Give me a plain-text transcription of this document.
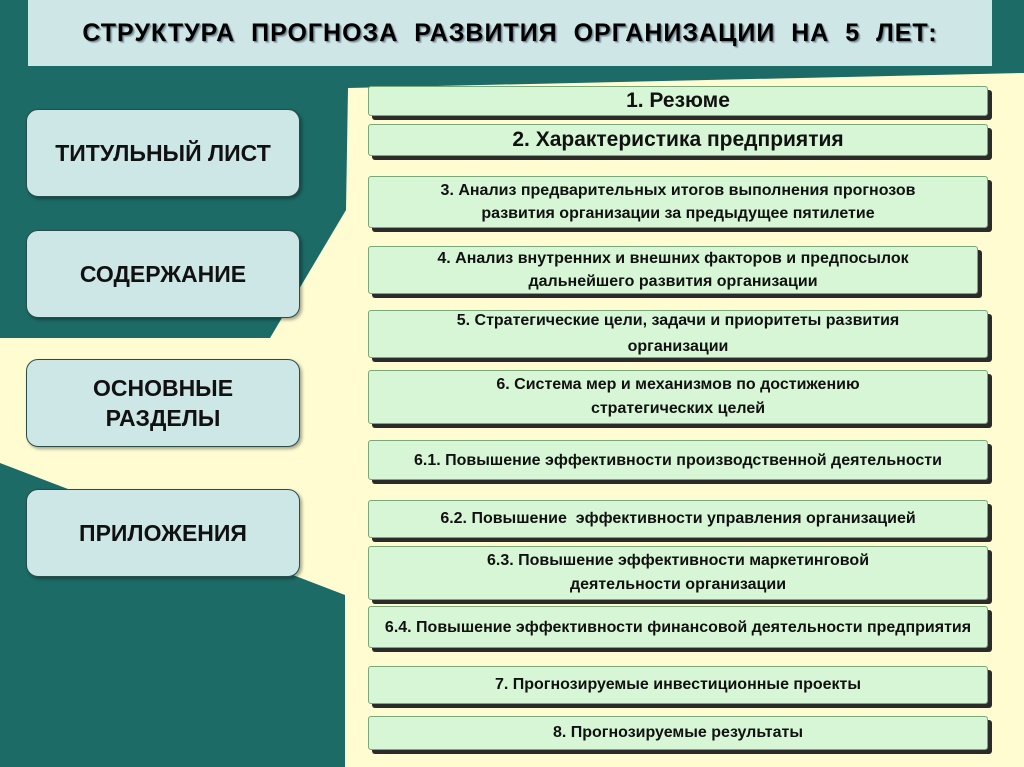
СТРУКТУРА ПРОГНОЗА РАЗВИТИЯ ОРГАНИЗАЦИИ НА 5 ЛЕТ:
ТИТУЛЬНЫЙ ЛИСТ
СОДЕРЖАНИЕ
ОСНОВНЫЕ РАЗДЕЛЫ
ПРИЛОЖЕНИЯ
1. Резюме
2. Характеристика предприятия
3. Анализ предварительных итогов выполнения прогнозов развития организации за предыдущее пятилетие
4. Анализ внутренних и внешних факторов и предпосылок дальнейшего развития организации
5. Стратегические цели, задачи и приоритеты развития организации
6. Система мер и механизмов по достижению стратегических целей
6.1. Повышение эффективности производственной деятельности
6.2. Повышение  эффективности управления организацией
6.3. Повышение эффективности маркетинговой деятельности организации
6.4. Повышение эффективности финансовой деятельности предприятия
7. Прогнозируемые инвестиционные проекты
8. Прогнозируемые результаты
